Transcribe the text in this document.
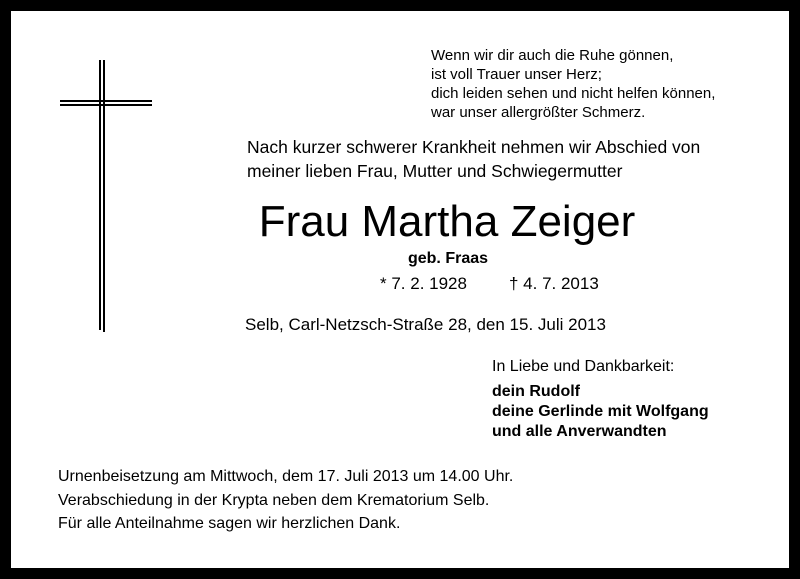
Wenn wir dir auch die Ruhe gönnen,
ist voll Trauer unser Herz;
dich leiden sehen und nicht helfen können,
war unser allergrößter Schmerz.
Nach kurzer schwerer Krankheit nehmen wir Abschied von
meiner lieben Frau, Mutter und Schwiegermutter
Frau Martha Zeiger
geb. Fraas
* 7. 2. 1928 † 4. 7. 2013
Selb, Carl-Netzsch-Straße 28, den 15. Juli 2013
In Liebe und Dankbarkeit:
dein Rudolf
deine Gerlinde mit Wolfgang
und alle Anverwandten
Urnenbeisetzung am Mittwoch, dem 17. Juli 2013 um 14.00 Uhr.
Verabschiedung in der Krypta neben dem Krematorium Selb.
Für alle Anteilnahme sagen wir herzlichen Dank.
